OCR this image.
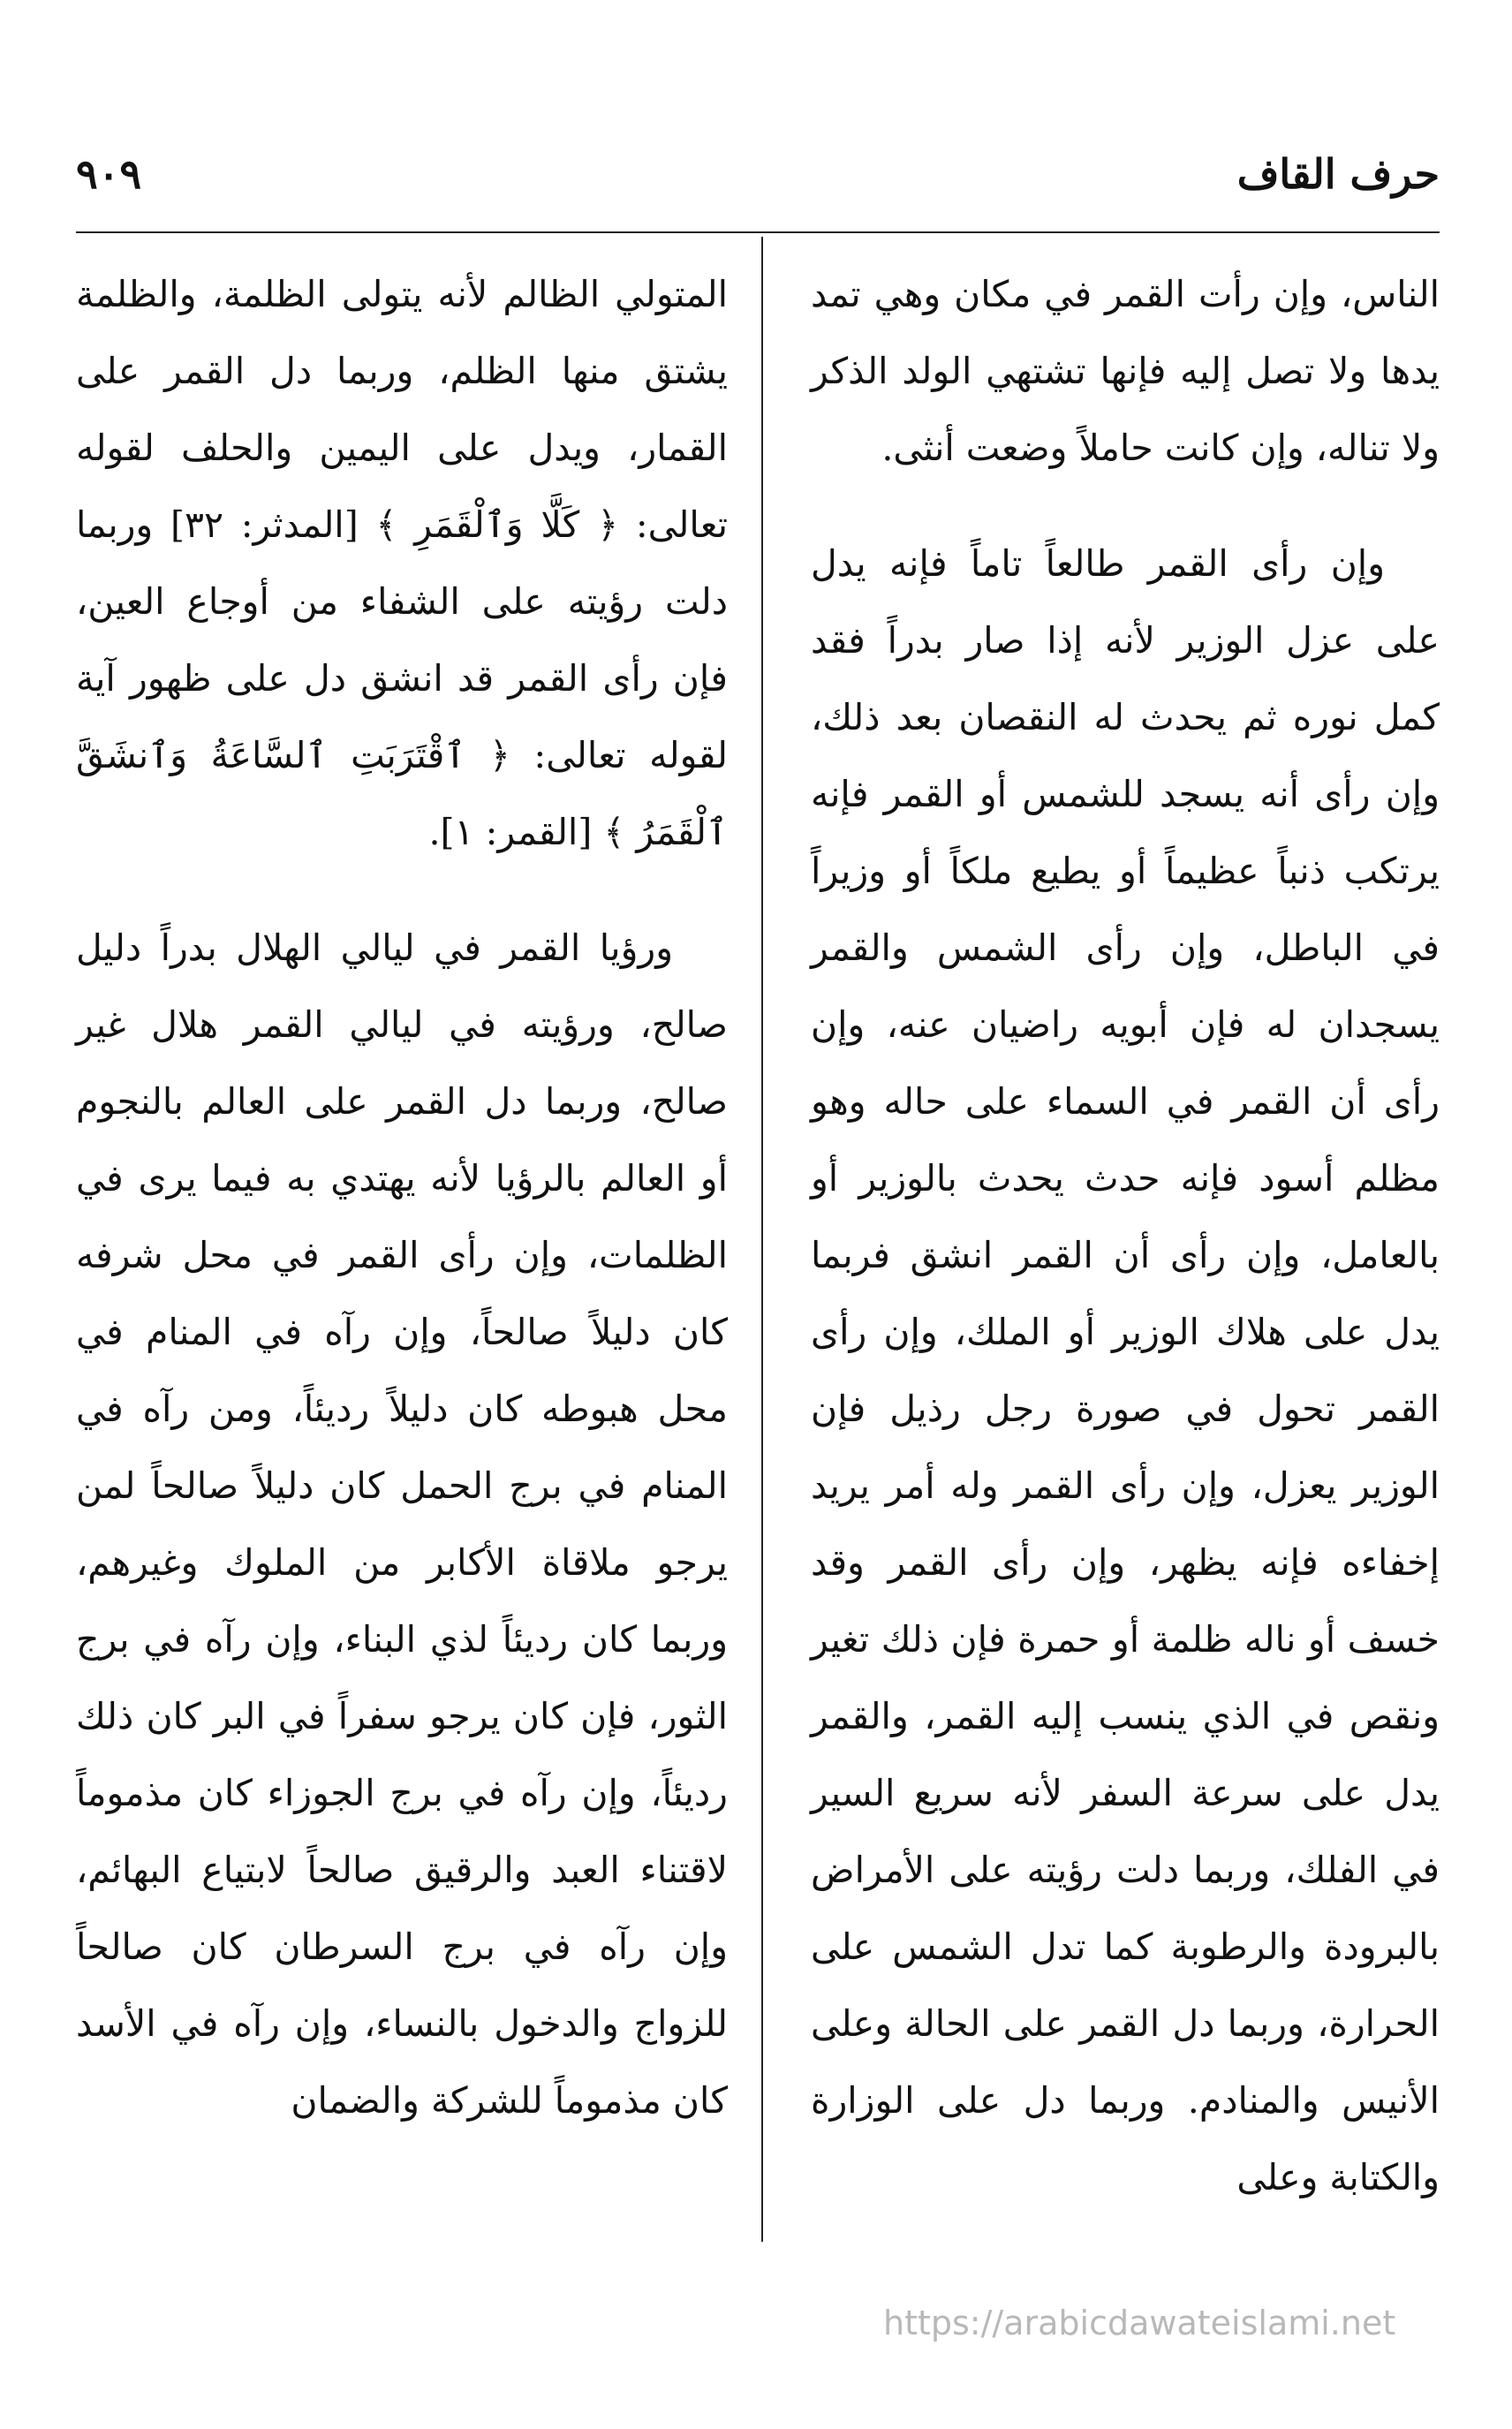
حرف القاف
٩٠٩

الناس، وإن رأت القمر في مكان وهي تمد يدها ولا تصل إليه فإنها تشتهي الولد الذكر ولا تناله، وإن كانت حاملاً وضعت أنثى.

وإن رأى القمر طالعاً تاماً فإنه يدل على عزل الوزير لأنه إذا صار بدراً فقد كمل نوره ثم يحدث له النقصان بعد ذلك، وإن رأى أنه يسجد للشمس أو القمر فإنه يرتكب ذنباً عظيماً أو يطيع ملكاً أو وزيراً في الباطل، وإن رأى الشمس والقمر يسجدان له فإن أبويه راضيان عنه، وإن رأى أن القمر في السماء على حاله وهو مظلم أسود فإنه حدث يحدث بالوزير أو بالعامل، وإن رأى أن القمر انشق فربما يدل على هلاك الوزير أو الملك، وإن رأى القمر تحول في صورة رجل رذيل فإن الوزير يعزل، وإن رأى القمر وله أمر يريد إخفاءه فإنه يظهر، وإن رأى القمر وقد خسف أو ناله ظلمة أو حمرة فإن ذلك تغير ونقص في الذي ينسب إليه القمر، والقمر يدل على سرعة السفر لأنه سريع السير في الفلك، وربما دلت رؤيته على الأمراض بالبرودة والرطوبة كما تدل الشمس على الحرارة، وربما دل القمر على الحالة وعلى الأنيس والمنادم. وربما دل على الوزارة والكتابة وعلى

المتولي الظالم لأنه يتولى الظلمة، والظلمة يشتق منها الظلم، وربما دل القمر على القمار، ويدل على اليمين والحلف لقوله تعالى: ﴿ كَلَّا وَٱلْقَمَرِ ﴾ [المدثر: ٣٢] وربما دلت رؤيته على الشفاء من أوجاع العين، فإن رأى القمر قد انشق دل على ظهور آية لقوله تعالى: ﴿ ٱقْتَرَبَتِ ٱلسَّاعَةُ وَٱنشَقَّ ٱلْقَمَرُ ﴾ [القمر: ١].

ورؤيا القمر في ليالي الهلال بدراً دليل صالح، ورؤيته في ليالي القمر هلال غير صالح، وربما دل القمر على العالم بالنجوم أو العالم بالرؤيا لأنه يهتدي به فيما يرى في الظلمات، وإن رأى القمر في محل شرفه كان دليلاً صالحاً، وإن رآه في المنام في محل هبوطه كان دليلاً رديئاً، ومن رآه في المنام في برج الحمل كان دليلاً صالحاً لمن يرجو ملاقاة الأكابر من الملوك وغيرهم، وربما كان رديئاً لذي البناء، وإن رآه في برج الثور، فإن كان يرجو سفراً في البر كان ذلك رديئاً، وإن رآه في برج الجوزاء كان مذموماً لاقتناء العبد والرقيق صالحاً لابتياع البهائم، وإن رآه في برج السرطان كان صالحاً للزواج والدخول بالنساء، وإن رآه في الأسد كان مذموماً للشركة والضمان

https://arabicdawateislami.net
